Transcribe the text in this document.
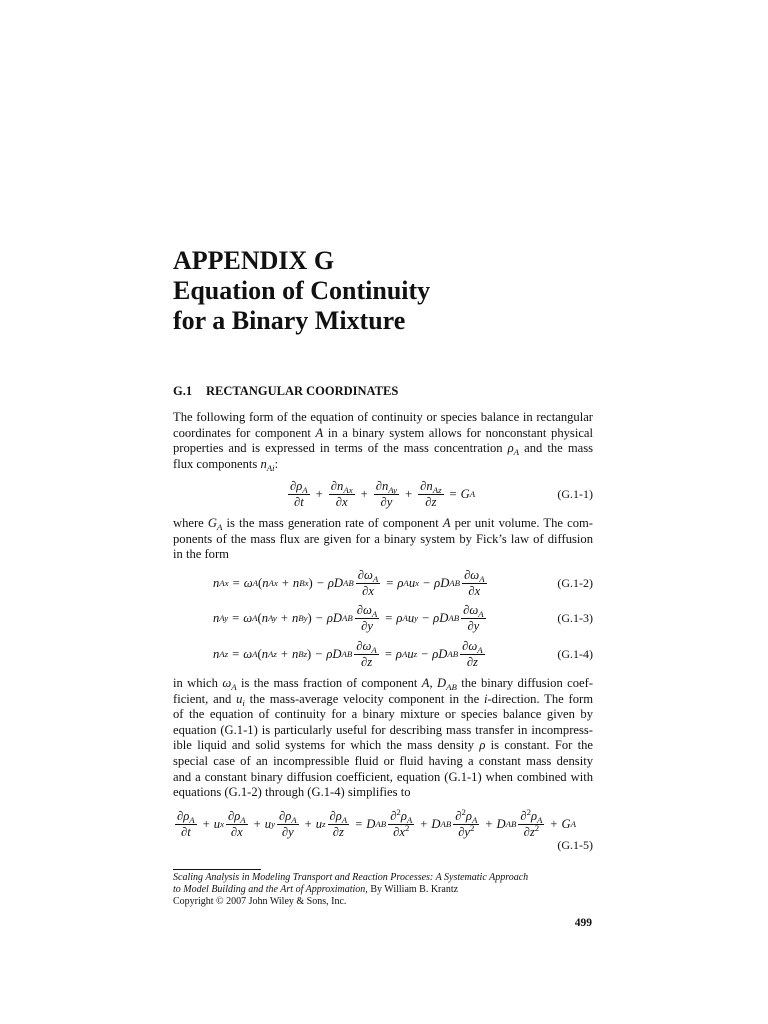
APPENDIX G
Equation of Continuity
for a Binary Mixture
G.1 RECTANGULAR COORDINATES
The following form of the equation of continuity or species balance in rectangular
coordinates for component A in a binary system allows for nonconstant physical
properties and is expressed in terms of the mass concentration $\rho_A$ and the mass
flux components $n_{Ai}$:
$\frac{\partial\rho_A}{\partial t} + \frac{\partial n_{Ax}}{\partial x} + \frac{\partial n_{Ay}}{\partial y} + \frac{\partial n_{Az}}{\partial z} = G$ A	(G.1-1)
where $G_A$ is the mass generation rate of component A per unit volume. The com-
ponents of the mass flux are given for a binary system by Fick’s law of diffusion
in the form
n Ax = ω A ( n Ax + n Bx ) − ρ D AB $\frac{\partial\omega_A}{\partial x} = \rho$ A u x − ρ D AB $\frac{\partial\omega_A}{\partial x}$	(G.1-2)
n Ay = ω A ( n Ay + n By ) − ρ D AB $\frac{\partial\omega_A}{\partial y} = \rho$ A u y − ρ D AB $\frac{\partial\omega_A}{\partial y}$	(G.1-3)
n Az = ω A ( n Az + n Bz ) − ρ D AB $\frac{\partial\omega_A}{\partial z} = \rho$ A u z − ρ D AB $\frac{\partial\omega_A}{\partial z}$	(G.1-4)
in which $\omega_A$ is the mass fraction of component A, $D_{AB}$ the binary diffusion coef-
ficient, and $u_i$ the mass-average velocity component in the i-direction. The form
of the equation of continuity for a binary mixture or species balance given by
equation (G.1-1) is particularly useful for describing mass transfer in incompress-
ible liquid and solid systems for which the mass density ρ is constant. For the
special case of an incompressible fluid or fluid having a constant mass density
and a constant binary diffusion coefficient, equation (G.1-1) when combined with
equations (G.1-2) through (G.1-4) simplifies to
$\frac{\partial\rho_A}{\partial t} + u$ x $\frac{\partial\rho_A}{\partial x} + u$ y $\frac{\partial\rho_A}{\partial y} + u$ z $\frac{\partial\rho_A}{\partial z} = D$ AB $\frac{\partial^2\rho_A}{\partial x^2} + D$ AB $\frac{\partial^2\rho_A}{\partial y^2} + D$ AB $\frac{\partial^2\rho_A}{\partial z^2} + G$ A
(G.1-5)
Scaling Analysis in Modeling Transport and Reaction Processes: A Systematic Approach
to Model Building and the Art of Approximation, By William B. Krantz
Copyright © 2007 John Wiley & Sons, Inc.
499
